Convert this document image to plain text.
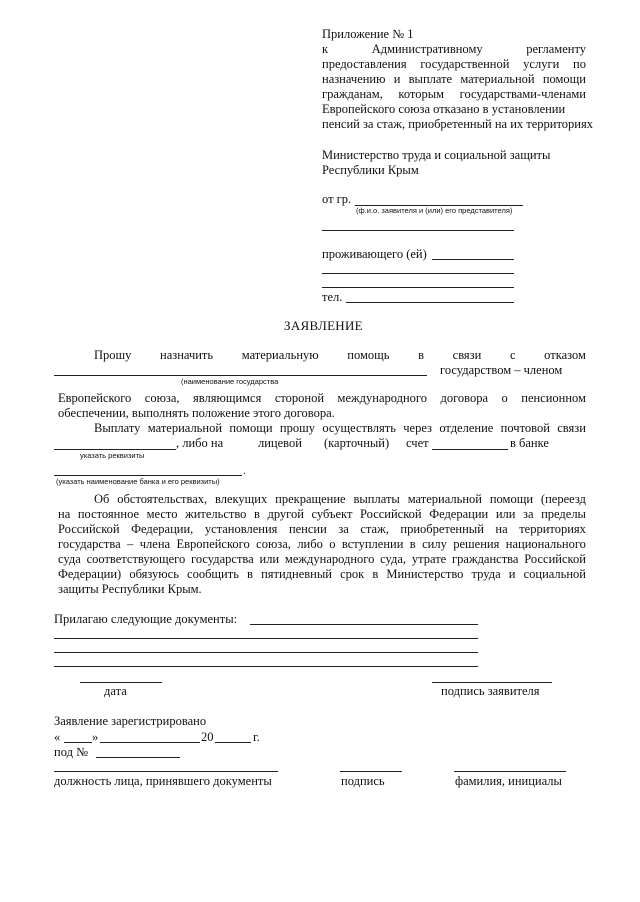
Приложение № 1
к	Административному	регламенту
предоставления государственной услуги по
назначению и выплате материальной помощи
гражданам, которым государствами-членами
Европейского союза отказано в установлении
пенсий за стаж, приобретенный на их территориях
Министерство труда и социальной защиты
Республики Крым
от гр.
(ф.и.о. заявителя и (или) его представителя)
проживающего (ей)
тел.
ЗАЯВЛЕНИЕ
Прошу назначить материальную помощь в связи с отказом
государством – членом
(наименование государства
Европейского союза, являющимся стороной международного договора о пенсионном
обеспечении, выполнять положение этого договора.
Выплату материальной помощи прошу осуществлять через отделение почтовой связи
, либо на	лицевой (карточный) счет	в банке
указать реквизиты
.
(указать наименование банка и его реквизиты)
Об обстоятельствах, влекущих прекращение выплаты материальной помощи (переезд
на постоянное место жительство в другой субъект Российской Федерации или за пределы
Российской Федерации, установления пенсии за стаж, приобретенный на территориях
государства – члена Европейского союза, либо о вступлении в силу решения национального
суда соответствующего государства или международного суда, утрате гражданства Российской
Федерации) обязуюсь сообщить в пятидневный срок в Министерство труда и социальной
защиты Республики Крым.
Прилагаю следующие документы:
дата	подпись заявителя
Заявление зарегистрировано
«	»	20	г.
под №
должность лица, принявшего документы	подпись	фамилия, инициалы
